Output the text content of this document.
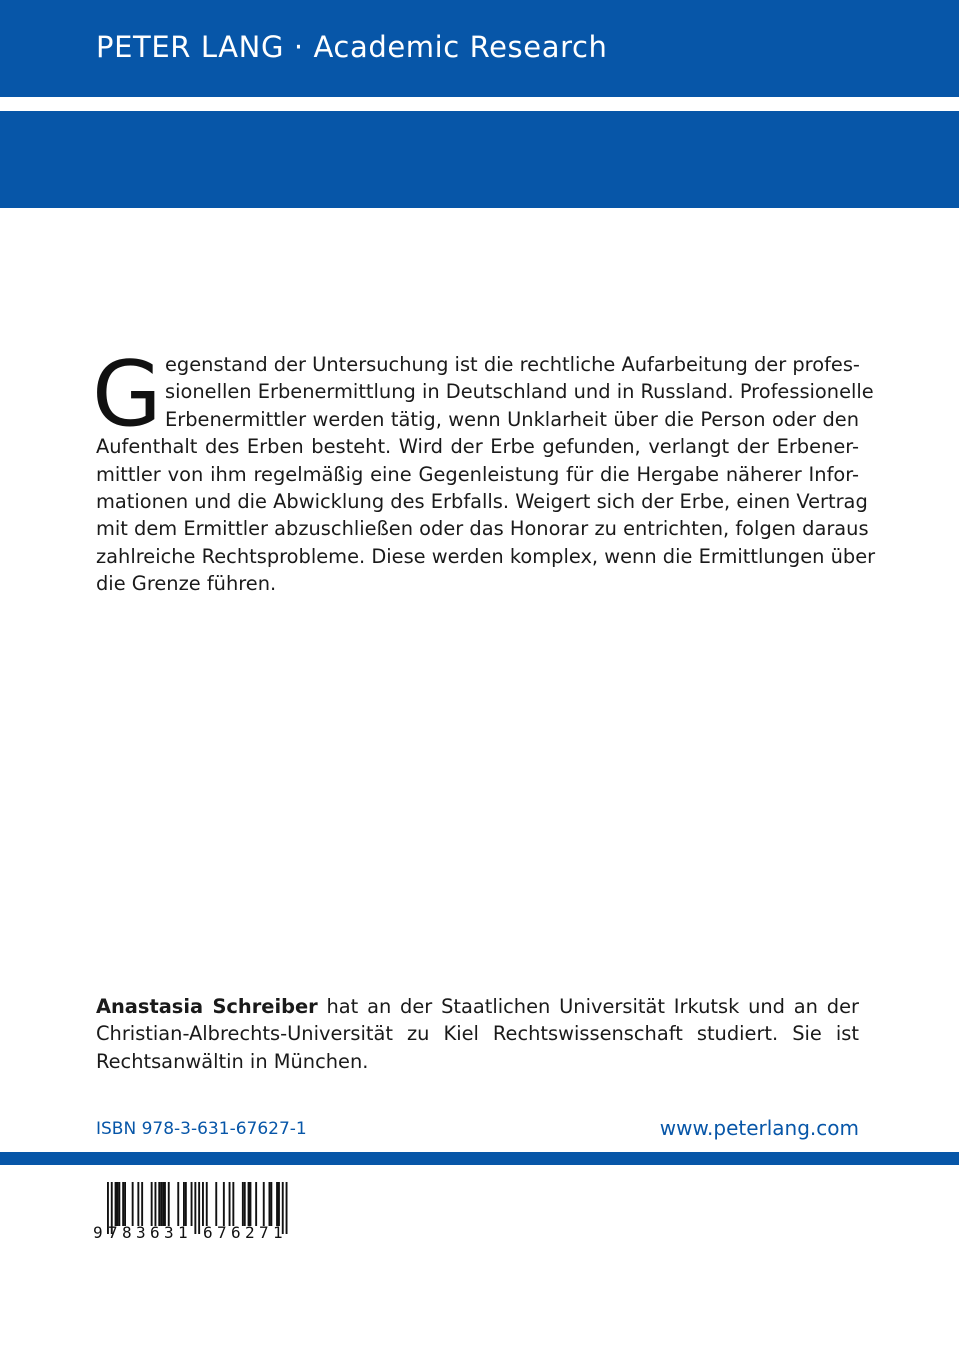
PETER LANG · Academic Research
II / 5862
G egenstand der Untersuchung ist die rechtliche Aufarbeitung der profes-
sionellen Erbenermittlung in Deutschland und in Russland. Professionelle
Erbenermittler werden tätig, wenn Unklarheit über die Person oder den
Aufenthalt des Erben besteht. Wird der Erbe gefunden, verlangt der Erbener-
mittler von ihm regelmäßig eine Gegenleistung für die Hergabe näherer Infor-
mationen und die Abwicklung des Erbfalls. Weigert sich der Erbe, einen Vertrag
mit dem Ermittler abzuschließen oder das Honorar zu entrichten, folgen daraus
zahlreiche Rechtsprobleme. Diese werden komplex, wenn die Ermittlungen über
die Grenze führen.
Anastasia Schreiber hat an der Staatlichen Universität Irkutsk und an der
Christian-Albrechts-Universität zu Kiel Rechtswissenschaft studiert. Sie ist
Rechtsanwältin in München.
ISBN 978-3-631-67627-1	www.peterlang.com
9 7 8 3 6 3 1 6 7 6 2 7 1
